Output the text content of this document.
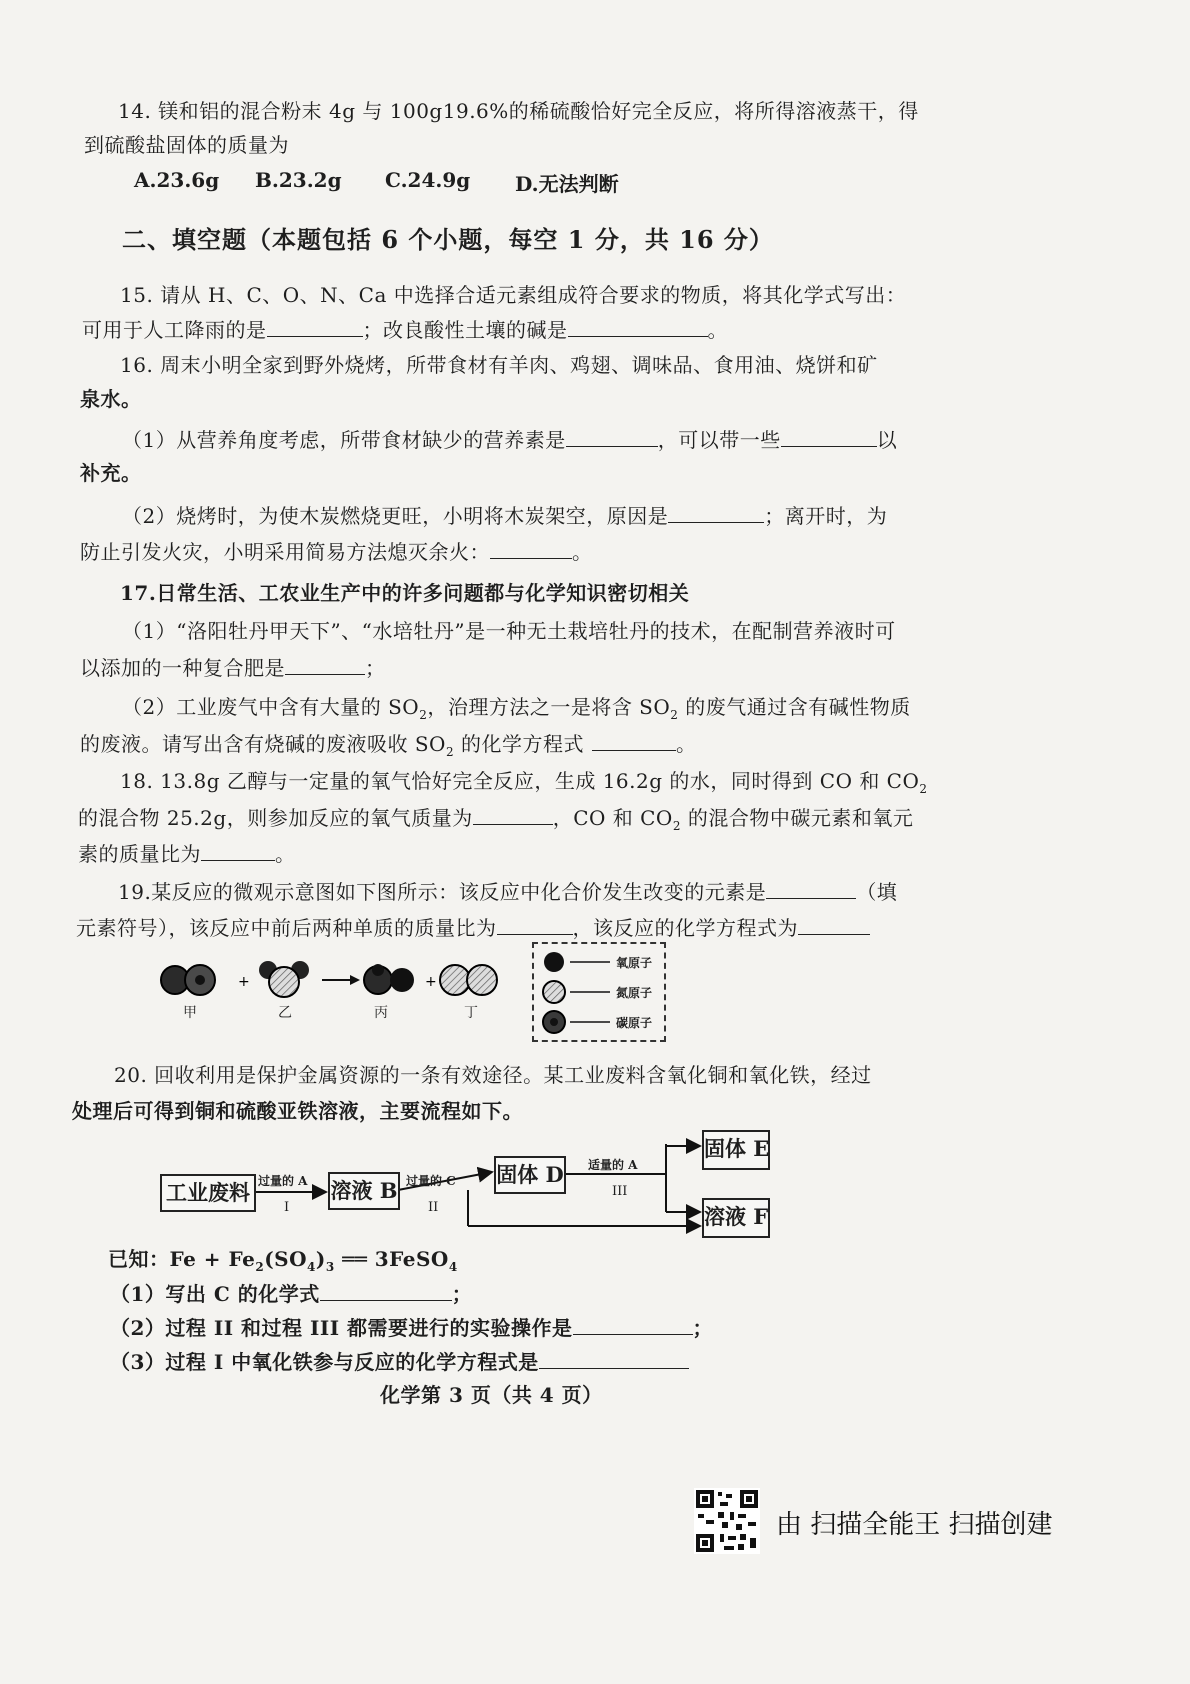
14. 镁和铝的混合粉末 4g 与 100g19.6%的稀硫酸恰好完全反应，将所得溶液蒸干，得
到硫酸盐固体的质量为
A.23.6g B.23.2g C.24.9g D.无法判断
二、填空题（本题包括 6 个小题，每空 1 分，共 16 分）
15. 请从 H、C、O、N、Ca 中选择合适元素组成符合要求的物质，将其化学式写出：
可用于人工降雨的是	；改良酸性土壤的碱是	。
16. 周末小明全家到野外烧烤，所带食材有羊肉、鸡翅、调味品、食用油、烧饼和矿
泉水。
（1）从营养角度考虑，所带食材缺少的营养素是	，可以带一些	以
补充。
（2）烧烤时，为使木炭燃烧更旺，小明将木炭架空，原因是	；离开时，为
防止引发火灾，小明采用简易方法熄灭余火：	。
17.日常生活、工农业生产中的许多问题都与化学知识密切相关
（1）“洛阳牡丹甲天下”、“水培牡丹”是一种无土栽培牡丹的技术，在配制营养液时可
以添加的一种复合肥是	；
（2）工业废气中含有大量的 $SO_2$，治理方法之一是将含 $SO_2$ 的废气通过含有碱性物质
的废液。请写出含有烧碱的废液吸收 $SO_2$ 的化学方程式	。
18. 13.8g 乙醇与一定量的氧气恰好完全反应，生成 16.2g 的水，同时得到 CO 和 $CO_2$
的混合物 25.2g，则参加反应的氧气质量为	，CO 和 $CO_2$ 的混合物中碳元素和氧元
素的质量比为	。
19.某反应的微观示意图如下图所示：该反应中化合价发生改变的元素是	（填
元素符号），该反应中前后两种单质的质量比为	，该反应的化学方程式为
+	+
甲	乙	丙	丁
氧原子
氮原子
碳原子
20. 回收利用是保护金属资源的一条有效途径。某工业废料含氧化铜和氧化铁，经过
处理后可得到铜和硫酸亚铁溶液，主要流程如下。
工业废料	溶液 B
固体 D
固体 E
溶液 F
过量的 A
I
过量的 C
II
适量的 A
III
已知：$Fe + Fe_2(SO_4)_3$ ══ 3FeSO$_4$
（1）写出 C 的化学式	；
（2）过程 II 和过程 III 都需要进行的实验操作是	；
（3）过程 I 中氧化铁参与反应的化学方程式是
化学第 3 页（共 4 页）
由 扫描全能王 扫描创建
